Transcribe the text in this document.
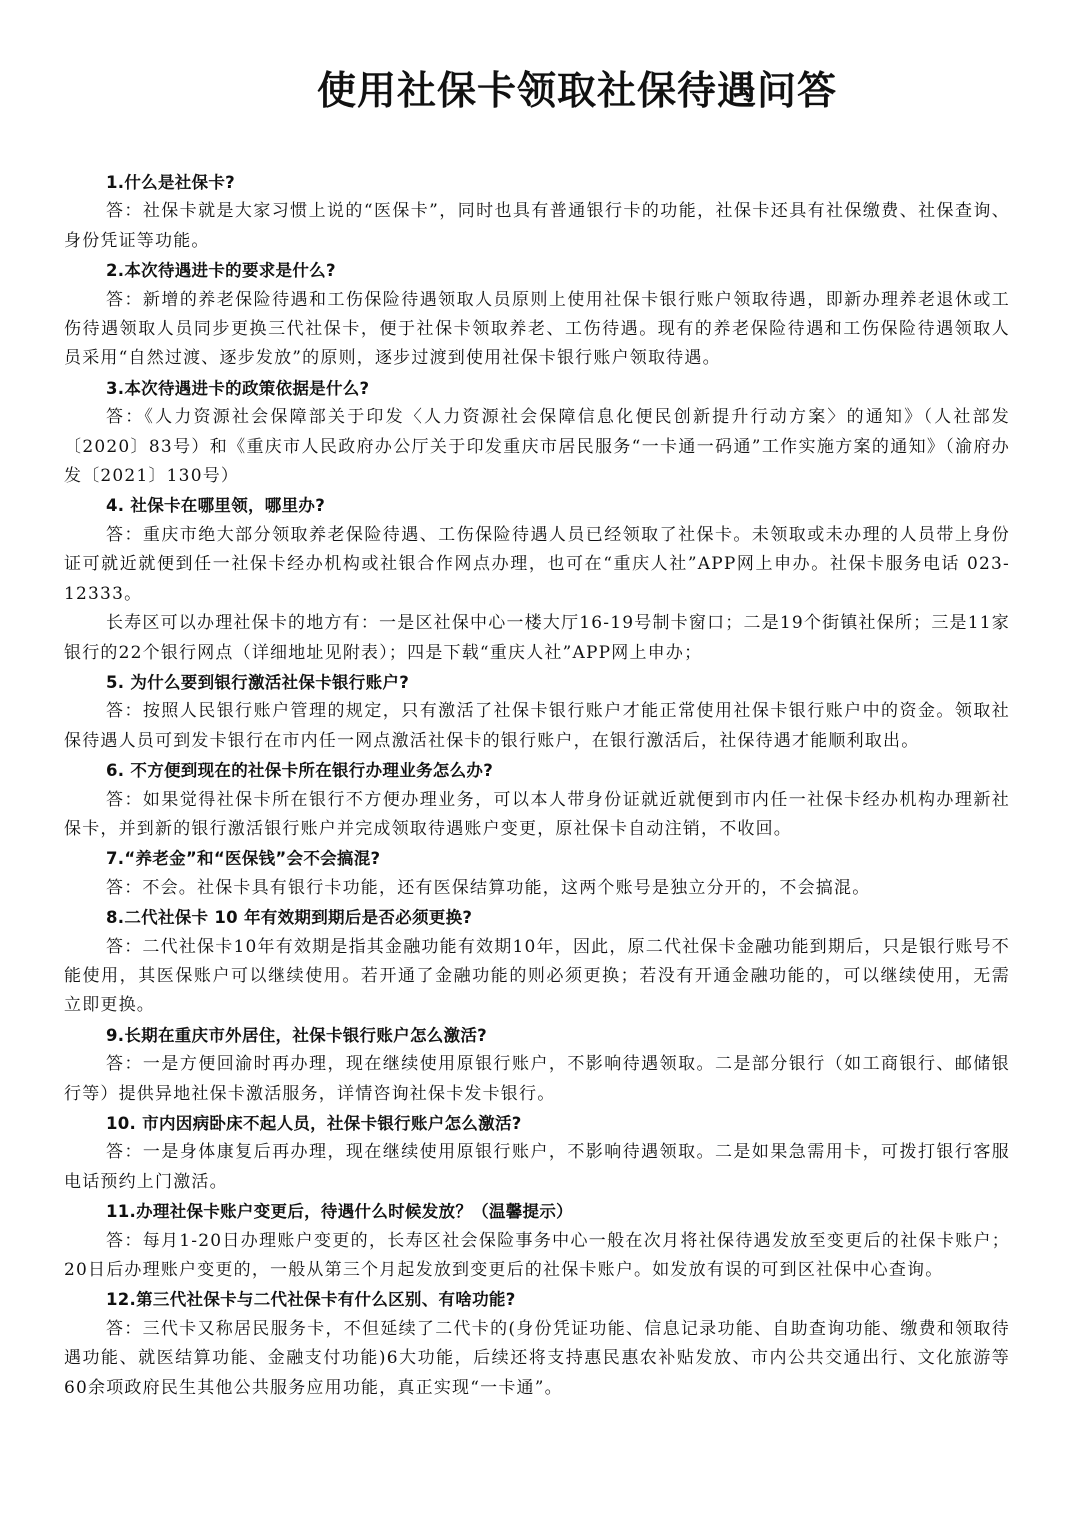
使用社保卡领取社保待遇问答

1.什么是社保卡?

答：社保卡就是大家习惯上说的“医保卡”，同时也具有普通银行卡的功能，社保卡还具有社保缴费、社保查询、身份凭证等功能。

2.本次待遇进卡的要求是什么?

答：新增的养老保险待遇和工伤保险待遇领取人员原则上使用社保卡银行账户领取待遇，即新办理养老退休或工伤待遇领取人员同步更换三代社保卡，便于社保卡领取养老、工伤待遇。现有的养老保险待遇和工伤保险待遇领取人员采用“自然过渡、逐步发放”的原则，逐步过渡到使用社保卡银行账户领取待遇。

3.本次待遇进卡的政策依据是什么?

答：《人力资源社会保障部关于印发〈人力资源社会保障信息化便民创新提升行动方案〉的通知》（人社部发〔2020〕83号）和《重庆市人民政府办公厅关于印发重庆市居民服务“一卡通一码通”工作实施方案的通知》（渝府办发〔2021〕130号）

4. 社保卡在哪里领，哪里办?

答：重庆市绝大部分领取养老保险待遇、工伤保险待遇人员已经领取了社保卡。未领取或未办理的人员带上身份证可就近就便到任一社保卡经办机构或社银合作网点办理，也可在“重庆人社”APP网上申办。社保卡服务电话 023-12333。

长寿区可以办理社保卡的地方有：一是区社保中心一楼大厅16-19号制卡窗口；二是19个街镇社保所；三是11家银行的22个银行网点（详细地址见附表）；四是下载“重庆人社”APP网上申办；

5. 为什么要到银行激活社保卡银行账户?

答：按照人民银行账户管理的规定，只有激活了社保卡银行账户才能正常使用社保卡银行账户中的资金。领取社保待遇人员可到发卡银行在市内任一网点激活社保卡的银行账户，在银行激活后，社保待遇才能顺利取出。

6. 不方便到现在的社保卡所在银行办理业务怎么办?

答：如果觉得社保卡所在银行不方便办理业务，可以本人带身份证就近就便到市内任一社保卡经办机构办理新社保卡，并到新的银行激活银行账户并完成领取待遇账户变更，原社保卡自动注销，不收回。

7.“养老金”和“医保钱”会不会搞混?

答：不会。社保卡具有银行卡功能，还有医保结算功能，这两个账号是独立分开的，不会搞混。

8.二代社保卡 10 年有效期到期后是否必须更换?

答：二代社保卡10年有效期是指其金融功能有效期10年，因此，原二代社保卡金融功能到期后，只是银行账号不能使用，其医保账户可以继续使用。若开通了金融功能的则必须更换；若没有开通金融功能的，可以继续使用，无需立即更换。

9.长期在重庆市外居住，社保卡银行账户怎么激活?

答：一是方便回渝时再办理，现在继续使用原银行账户，不影响待遇领取。二是部分银行（如工商银行、邮储银行等）提供异地社保卡激活服务，详情咨询社保卡发卡银行。

10. 市内因病卧床不起人员，社保卡银行账户怎么激活?

答：一是身体康复后再办理，现在继续使用原银行账户，不影响待遇领取。二是如果急需用卡，可拨打银行客服电话预约上门激活。

11.办理社保卡账户变更后，待遇什么时候发放？（温馨提示）

答：每月1-20日办理账户变更的，长寿区社会保险事务中心一般在次月将社保待遇发放至变更后的社保卡账户；20日后办理账户变更的，一般从第三个月起发放到变更后的社保卡账户。如发放有误的可到区社保中心查询。

12.第三代社保卡与二代社保卡有什么区别、有啥功能?

答：三代卡又称居民服务卡，不但延续了二代卡的(身份凭证功能、信息记录功能、自助查询功能、缴费和领取待遇功能、就医结算功能、金融支付功能)6大功能，后续还将支持惠民惠农补贴发放、市内公共交通出行、文化旅游等60余项政府民生其他公共服务应用功能，真正实现“一卡通”。
